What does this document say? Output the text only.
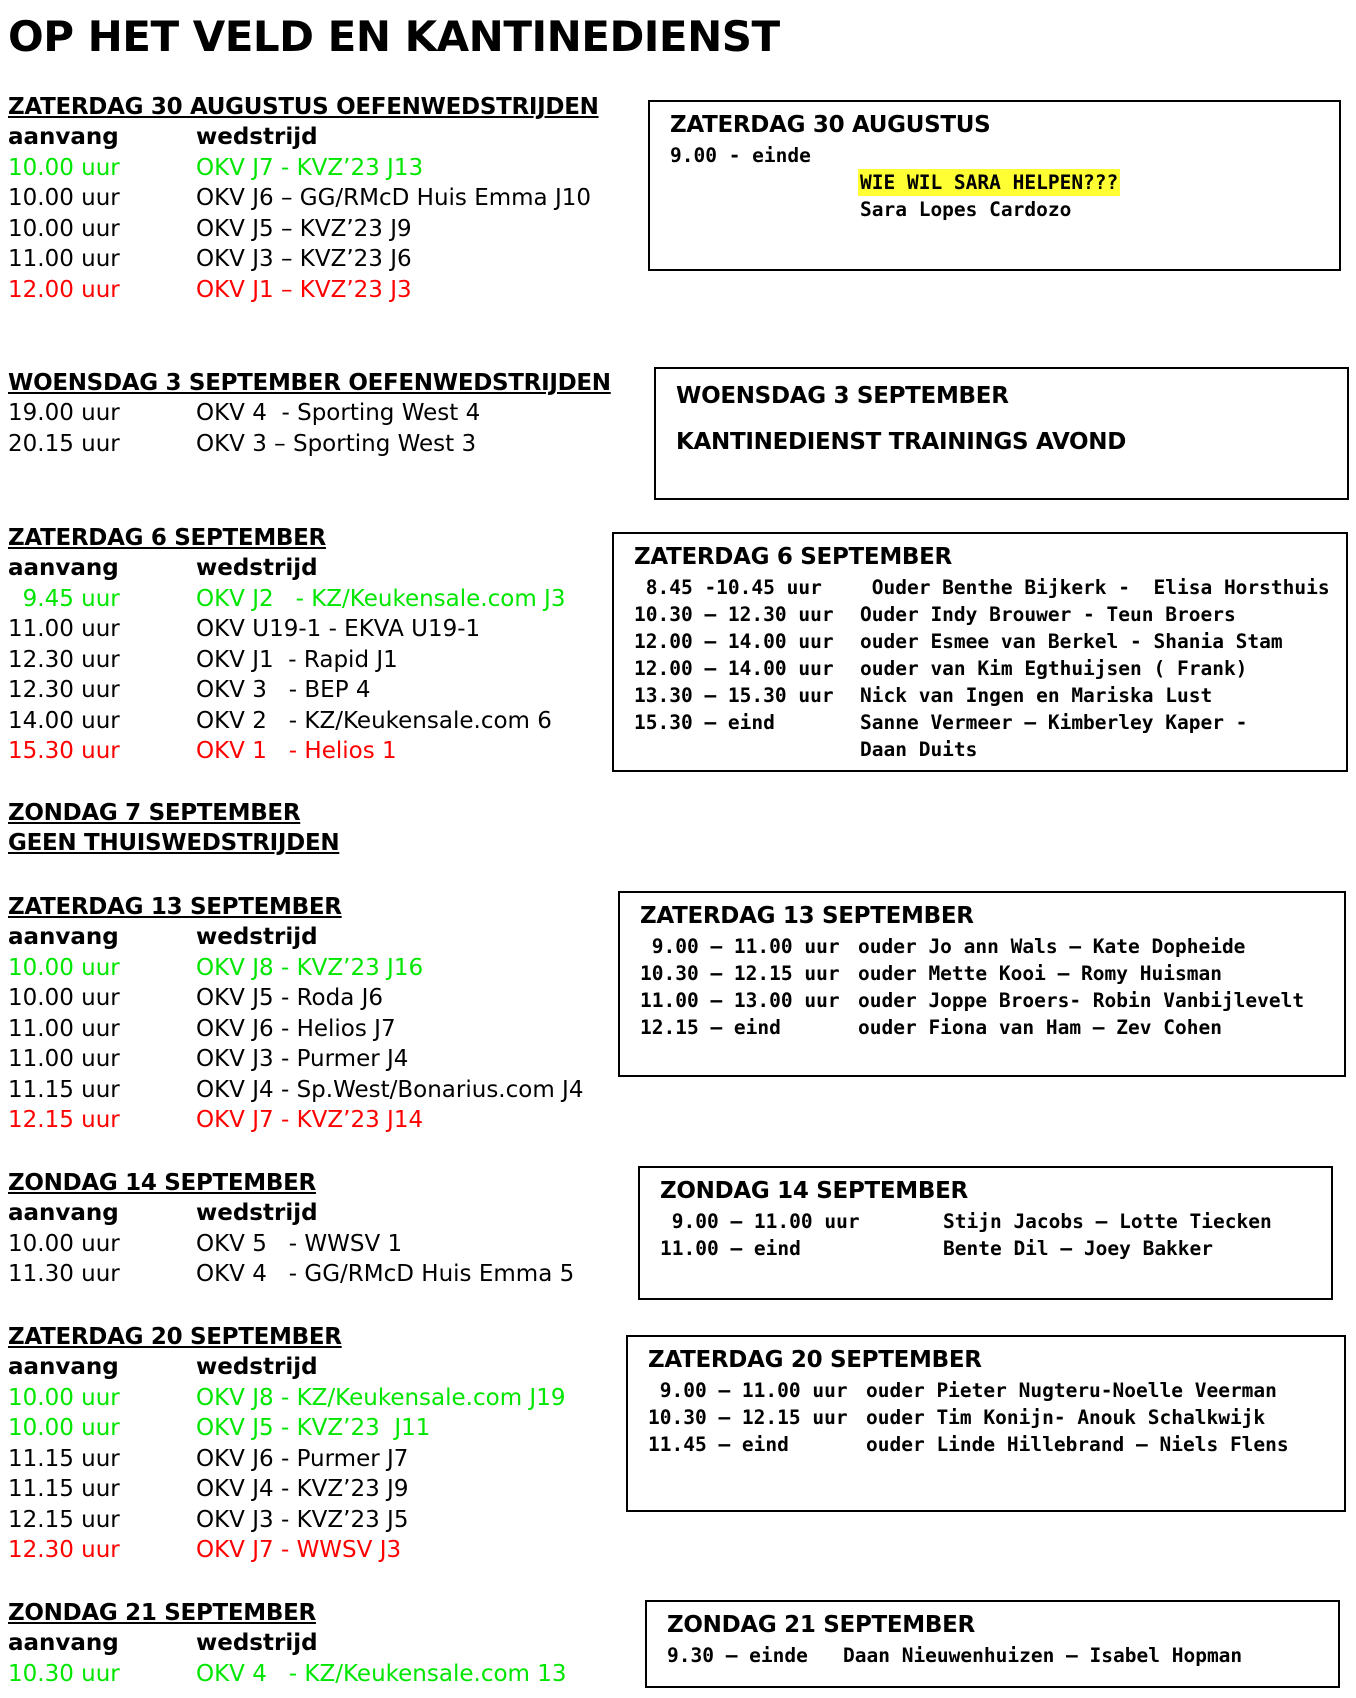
OP HET VELD EN KANTINEDIENST
ZATERDAG 30 AUGUSTUS OEFENWEDSTRIJDEN
aanvang	wedstrijd
10.00 uur	OKV J7 - KVZ’23 J13
10.00 uur	OKV J6 – GG/RMcD Huis Emma J10
10.00 uur	OKV J5 – KVZ’23 J9
11.00 uur	OKV J3 – KVZ’23 J6
12.00 uur	OKV J1 – KVZ’23 J3
WOENSDAG 3 SEPTEMBER OEFENWEDSTRIJDEN
19.00 uur	OKV 4  - Sporting West 4
20.15 uur	OKV 3 – Sporting West 3
ZATERDAG 6 SEPTEMBER
aanvang	wedstrijd
9.45 uur	OKV J2   - KZ/Keukensale.com J3
11.00 uur	OKV U19-1 - EKVA U19-1
12.30 uur	OKV J1  - Rapid J1
12.30 uur	OKV 3   - BEP 4
14.00 uur	OKV 2   - KZ/Keukensale.com 6
15.30 uur	OKV 1   - Helios 1
ZONDAG 7 SEPTEMBER
GEEN THUISWEDSTRIJDEN
ZATERDAG 13 SEPTEMBER
aanvang	wedstrijd
10.00 uur	OKV J8 - KVZ’23 J16
10.00 uur	OKV J5 - Roda J6
11.00 uur	OKV J6 - Helios J7
11.00 uur	OKV J3 - Purmer J4
11.15 uur	OKV J4 - Sp.West/Bonarius.com J4
12.15 uur	OKV J7 - KVZ’23 J14
ZONDAG 14 SEPTEMBER
aanvang	wedstrijd
10.00 uur	OKV 5   - WWSV 1
11.30 uur	OKV 4   - GG/RMcD Huis Emma 5
ZATERDAG 20 SEPTEMBER
aanvang	wedstrijd
10.00 uur	OKV J8 - KZ/Keukensale.com J19
10.00 uur	OKV J5 - KVZ’23  J11
11.15 uur	OKV J6 - Purmer J7
11.15 uur	OKV J4 - KVZ’23 J9
12.15 uur	OKV J3 - KVZ’23 J5
12.30 uur	OKV J7 - WWSV J3
ZONDAG 21 SEPTEMBER
aanvang	wedstrijd
10.30 uur	OKV 4   - KZ/Keukensale.com 13
ZATERDAG 30 AUGUSTUS
9.00 - einde
WIE WIL SARA HELPEN???
Sara Lopes Cardozo
WOENSDAG 3 SEPTEMBER
KANTINEDIENST TRAININGS AVOND
ZATERDAG 6 SEPTEMBER
8.45 -10.45 uur	Ouder Benthe Bijkerk -  Elisa Horsthuis
10.30 – 12.30 uur	Ouder Indy Brouwer - Teun Broers
12.00 – 14.00 uur	ouder Esmee van Berkel - Shania Stam
12.00 – 14.00 uur	ouder van Kim Egthuijsen ( Frank)
13.30 – 15.30 uur	Nick van Ingen en Mariska Lust
15.30 – eind	Sanne Vermeer – Kimberley Kaper -
Daan Duits
ZATERDAG 13 SEPTEMBER
9.00 – 11.00 uur ouder Jo ann Wals – Kate Dopheide
10.30 – 12.15 uur ouder Mette Kooi – Romy Huisman
11.00 – 13.00 uur ouder Joppe Broers- Robin Vanbijlevelt
12.15 – eind	ouder Fiona van Ham – Zev Cohen
ZONDAG 14 SEPTEMBER
9.00 – 11.00 uur	Stijn Jacobs – Lotte Tiecken
11.00 – eind	Bente Dil – Joey Bakker
ZATERDAG 20 SEPTEMBER
9.00 – 11.00 uur ouder Pieter Nugteru-Noelle Veerman
10.30 – 12.15 uur ouder Tim Konijn- Anouk Schalkwijk
11.45 – eind	ouder Linde Hillebrand – Niels Flens
ZONDAG 21 SEPTEMBER
9.30 – einde	Daan Nieuwenhuizen – Isabel Hopman
